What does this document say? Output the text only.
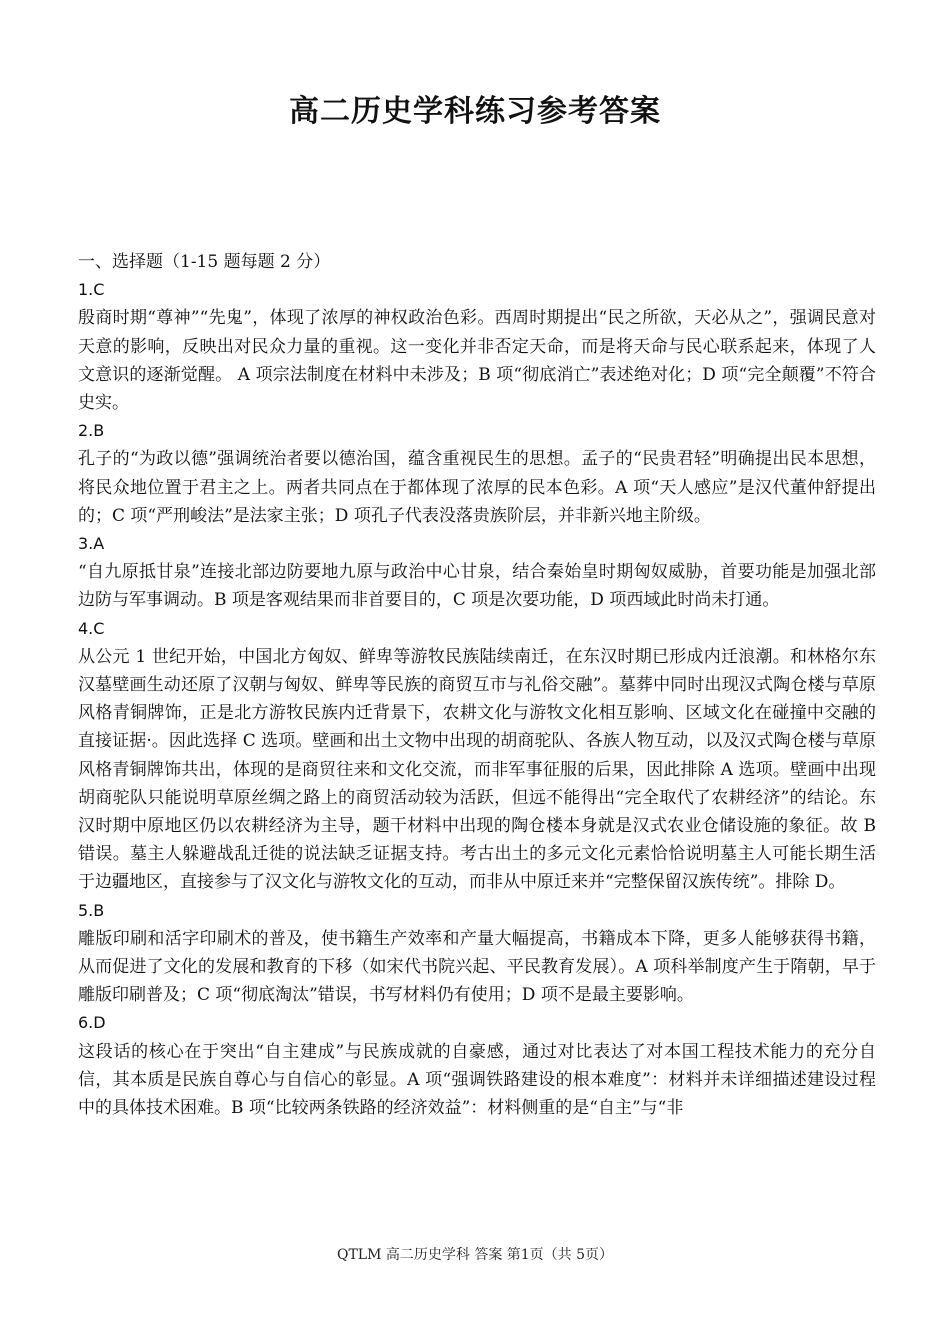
高二历史学科练习参考答案

一、选择题（1-15 题每题 2 分）

1.C

殷商时期“尊神”“先鬼”，体现了浓厚的神权政治色彩。西周时期提出“民之所欲，天必从之”，强调民意对天意的影响，反映出对民众力量的重视。这一变化并非否定天命，而是将天命与民心联系起来，体现了人文意识的逐渐觉醒。 A 项宗法制度在材料中未涉及；B 项“彻底消亡”表述绝对化；D 项“完全颠覆”不符合史实。

2.B

孔子的“为政以德”强调统治者要以德治国，蕴含重视民生的思想。孟子的“民贵君轻”明确提出民本思想，将民众地位置于君主之上。两者共同点在于都体现了浓厚的民本色彩。A 项“天人感应”是汉代董仲舒提出的；C 项“严刑峻法”是法家主张；D 项孔子代表没落贵族阶层，并非新兴地主阶级。

3.A

“自九原抵甘泉”连接北部边防要地九原与政治中心甘泉，结合秦始皇时期匈奴威胁，首要功能是加强北部边防与军事调动。B 项是客观结果而非首要目的，C 项是次要功能，D 项西域此时尚未打通。

4.C

从公元 1 世纪开始，中国北方匈奴、鲜卑等游牧民族陆续南迁，在东汉时期已形成内迁浪潮。和林格尔东汉墓壁画生动还原了汉朝与匈奴、鲜卑等民族的商贸互市与礼俗交融”。墓葬中同时出现汉式陶仓楼与草原风格青铜牌饰，正是北方游牧民族内迁背景下，农耕文化与游牧文化相互影响、区域文化在碰撞中交融的直接证据·。因此选择 C 选项。壁画和出土文物中出现的胡商驼队、各族人物互动，以及汉式陶仓楼与草原风格青铜牌饰共出，体现的是商贸往来和文化交流，而非军事征服的后果，因此排除 A 选项。壁画中出现胡商驼队只能说明草原丝绸之路上的商贸活动较为活跃，但远不能得出“完全取代了农耕经济”的结论。东汉时期中原地区仍以农耕经济为主导，题干材料中出现的陶仓楼本身就是汉式农业仓储设施的象征。故 B 错误。墓主人躲避战乱迁徙的说法缺乏证据支持。考古出土的多元文化元素恰恰说明墓主人可能长期生活于边疆地区，直接参与了汉文化与游牧文化的互动，而非从中原迁来并“完整保留汉族传统”。排除 D。

5.B

雕版印刷和活字印刷术的普及，使书籍生产效率和产量大幅提高，书籍成本下降，更多人能够获得书籍，从而促进了文化的发展和教育的下移（如宋代书院兴起、平民教育发展）。A 项科举制度产生于隋朝，早于雕版印刷普及；C 项“彻底淘汰”错误，书写材料仍有使用；D 项不是最主要影响。

6.D

这段话的核心在于突出“自主建成”与民族成就的自豪感，通过对比表达了对本国工程技术能力的充分自信，其本质是民族自尊心与自信心的彰显。A 项“强调铁路建设的根本难度”：材料并未详细描述建设过程中的具体技术困难。B 项“比较两条铁路的经济效益”：材料侧重的是“自主”与“非

QTLM 高二历史学科 答案 第1页（共 5页）
